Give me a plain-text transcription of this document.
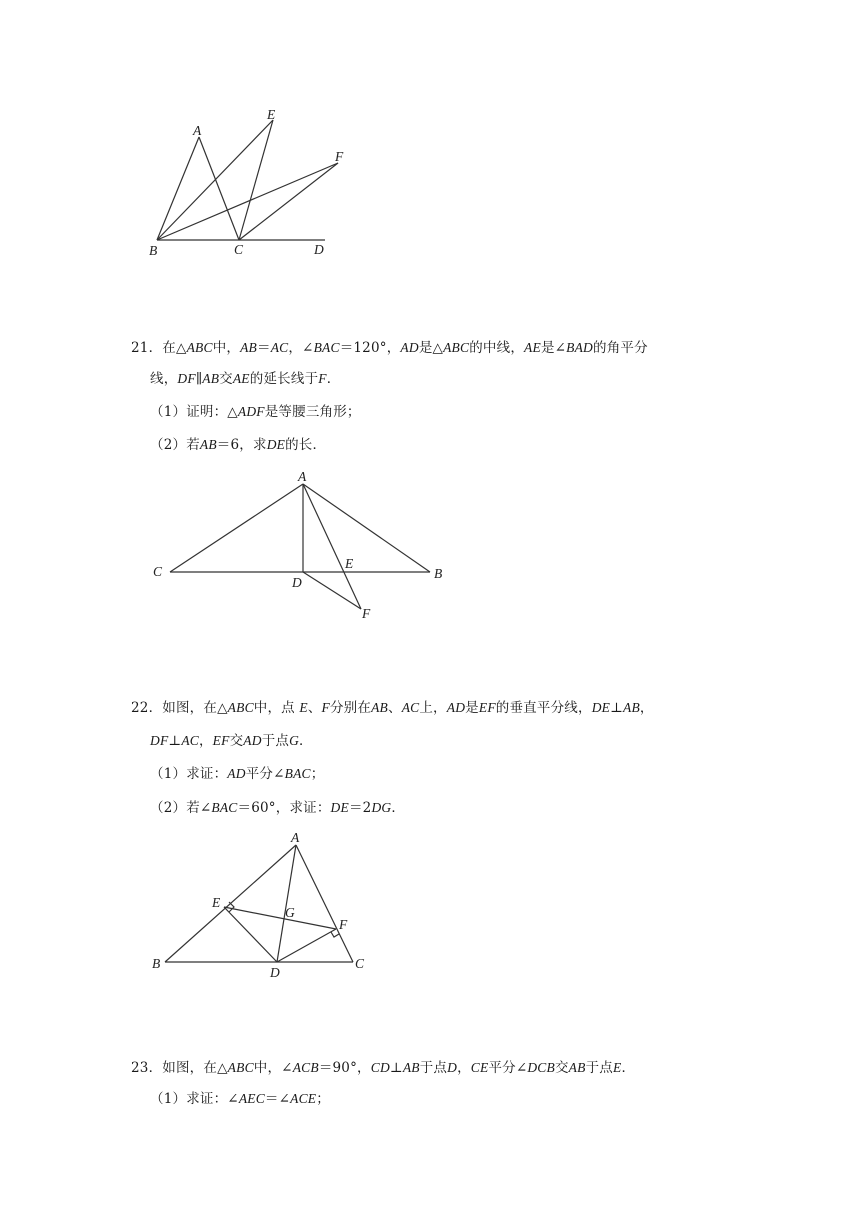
A
E
F
B	C	D
21．在△ABC中，AB＝AC，∠BAC＝120°，AD是△ABC的中线，AE是∠BAD的角平分
线，DF∥AB交AE的延长线于F．
（1）证明：△ADF是等腰三角形；
（2）若AB＝6，求DE的长．
A
C
D
E
B
F
22．如图，在△ABC中，点 E、F分别在AB、AC上，AD是EF的垂直平分线，DE⊥AB，
DF⊥AC，EF交AD于点G．
（1）求证：AD平分∠BAC；
（2）若∠BAC＝60°，求证：DE＝2DG．
A
E
G
F
B
D
C
23．如图，在△ABC中，∠ACB＝90°，CD⊥AB于点D，CE平分∠DCB交AB于点E．
（1）求证：∠AEC＝∠ACE；
